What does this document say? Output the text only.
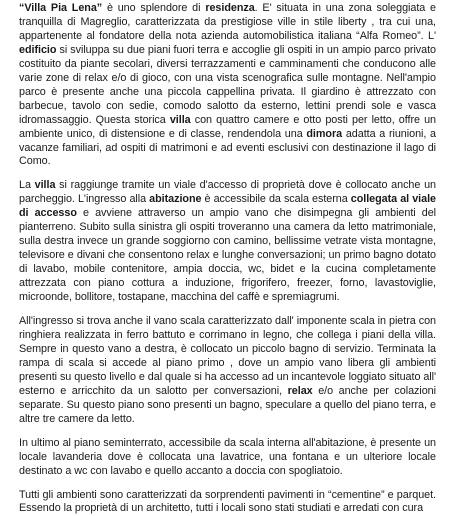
“Villa Pia Lena” è uno splendore di residenza. E' situata in una zona soleggiata e tranquilla di Magreglio, caratterizzata da prestigiose ville in stile liberty , tra cui una, appartenente al fondatore della nota azienda automobilistica italiana “Alfa Romeo”. L' edificio si sviluppa su due piani fuori terra e accoglie gli ospiti in un ampio parco privato costituito da piante secolari, diversi terrazzamenti e camminamenti che conducono alle varie zone di relax e/o di gioco, con una vista scenografica sulle montagne. Nell'ampio parco è presente anche una piccola cappellina privata. Il giardino è attrezzato con barbecue, tavolo con sedie, comodo salotto da esterno, lettini prendi sole e vasca idromassaggio. Questa storica villa con quattro camere e otto posti per letto, offre un ambiente unico, di distensione e di classe, rendendola una dimora adatta a riunioni, a vacanze familiari, ad ospiti di matrimoni e ad eventi esclusivi con destinazione il lago di Como.
La villa si raggiunge tramite un viale d'accesso di proprietà dove è collocato anche un parcheggio. L'ingresso alla abitazione è accessibile da scala esterna collegata al viale di accesso e avviene attraverso un ampio vano che disimpegna gli ambienti del pianterreno. Subito sulla sinistra gli ospiti troveranno una camera da letto matrimoniale, sulla destra invece un grande soggiorno con camino, bellissime vetrate vista montagne, televisore e divani che consentono relax e lunghe conversazioni; un primo bagno dotato di lavabo, mobile contenitore, ampia doccia, wc, bidet e la cucina completamente attrezzata con piano cottura a induzione, frigorifero, freezer, forno, lavastoviglie, microonde, bollitore, tostapane, macchina del caffè e spremiagrumi.
All'ingresso si trova anche il vano scala caratterizzato dall' imponente scala in pietra con ringhiera realizzata in ferro battuto e corrimano in legno, che collega i piani della villa. Sempre in questo vano a destra, è collocato un piccolo bagno di servizio. Terminata la rampa di scala si accede al piano primo , dove un ampio vano libera gli ambienti presenti su questo livello e dal quale si ha accesso ad un incantevole loggiato situato all' esterno e arricchito da un salotto per conversazioni, relax e/o anche per colazioni separate. Su questo piano sono presenti un bagno, speculare a quello del piano terra, e altre tre camere da letto.
In ultimo al piano seminterrato, accessibile da scala interna all'abitazione, è presente un locale lavanderia dove è collocata una lavatrice, una fontana e un ulteriore locale destinato a wc con lavabo e quello accanto a doccia con spogliatoio.
Tutti gli ambienti sono caratterizzati da sorprendenti pavimenti in “cementine” e parquet. Essendo la proprietà di un architetto, tutti i locali sono stati studiati e arredati con cura
